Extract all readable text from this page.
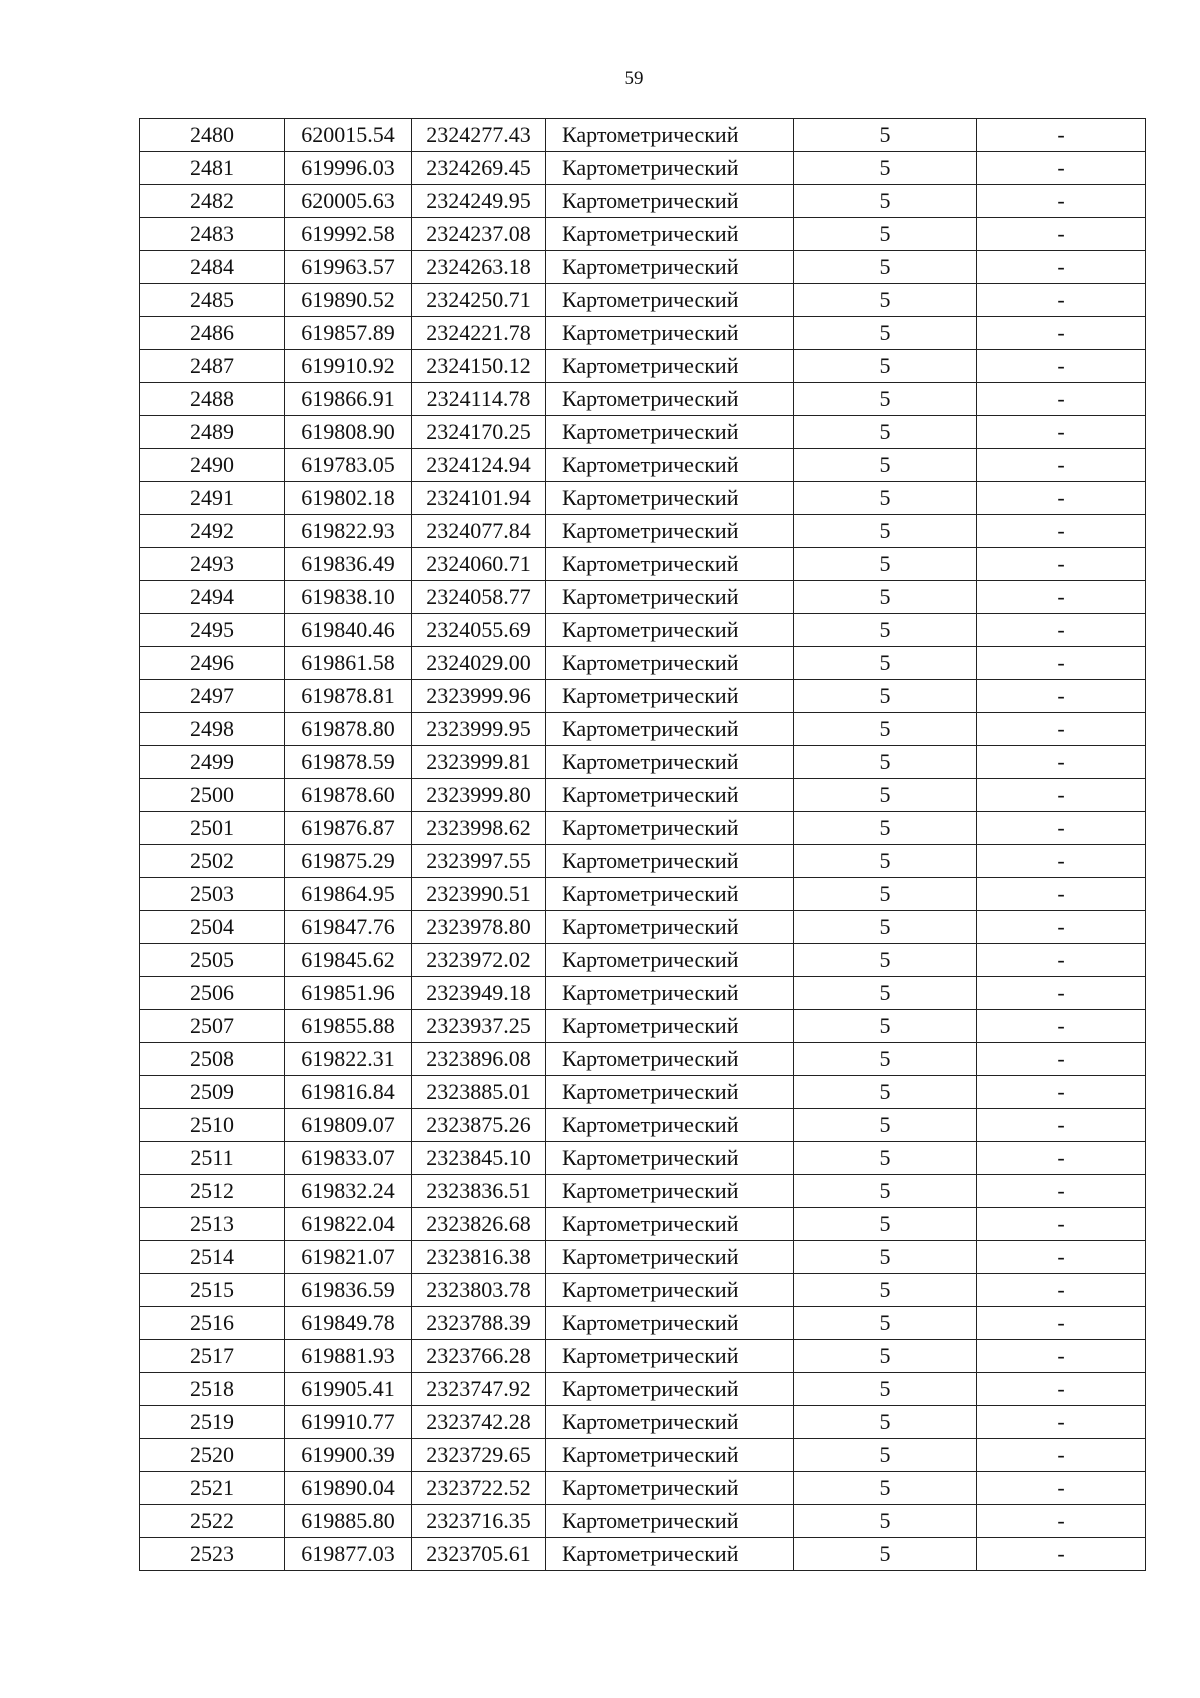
59
2480	620015.54	2324277.43	Картометрический	5	-
2481	619996.03	2324269.45	Картометрический	5	-
2482	620005.63	2324249.95	Картометрический	5	-
2483	619992.58	2324237.08	Картометрический	5	-
2484	619963.57	2324263.18	Картометрический	5	-
2485	619890.52	2324250.71	Картометрический	5	-
2486	619857.89	2324221.78	Картометрический	5	-
2487	619910.92	2324150.12	Картометрический	5	-
2488	619866.91	2324114.78	Картометрический	5	-
2489	619808.90	2324170.25	Картометрический	5	-
2490	619783.05	2324124.94	Картометрический	5	-
2491	619802.18	2324101.94	Картометрический	5	-
2492	619822.93	2324077.84	Картометрический	5	-
2493	619836.49	2324060.71	Картометрический	5	-
2494	619838.10	2324058.77	Картометрический	5	-
2495	619840.46	2324055.69	Картометрический	5	-
2496	619861.58	2324029.00	Картометрический	5	-
2497	619878.81	2323999.96	Картометрический	5	-
2498	619878.80	2323999.95	Картометрический	5	-
2499	619878.59	2323999.81	Картометрический	5	-
2500	619878.60	2323999.80	Картометрический	5	-
2501	619876.87	2323998.62	Картометрический	5	-
2502	619875.29	2323997.55	Картометрический	5	-
2503	619864.95	2323990.51	Картометрический	5	-
2504	619847.76	2323978.80	Картометрический	5	-
2505	619845.62	2323972.02	Картометрический	5	-
2506	619851.96	2323949.18	Картометрический	5	-
2507	619855.88	2323937.25	Картометрический	5	-
2508	619822.31	2323896.08	Картометрический	5	-
2509	619816.84	2323885.01	Картометрический	5	-
2510	619809.07	2323875.26	Картометрический	5	-
2511	619833.07	2323845.10	Картометрический	5	-
2512	619832.24	2323836.51	Картометрический	5	-
2513	619822.04	2323826.68	Картометрический	5	-
2514	619821.07	2323816.38	Картометрический	5	-
2515	619836.59	2323803.78	Картометрический	5	-
2516	619849.78	2323788.39	Картометрический	5	-
2517	619881.93	2323766.28	Картометрический	5	-
2518	619905.41	2323747.92	Картометрический	5	-
2519	619910.77	2323742.28	Картометрический	5	-
2520	619900.39	2323729.65	Картометрический	5	-
2521	619890.04	2323722.52	Картометрический	5	-
2522	619885.80	2323716.35	Картометрический	5	-
2523	619877.03	2323705.61	Картометрический	5	-
